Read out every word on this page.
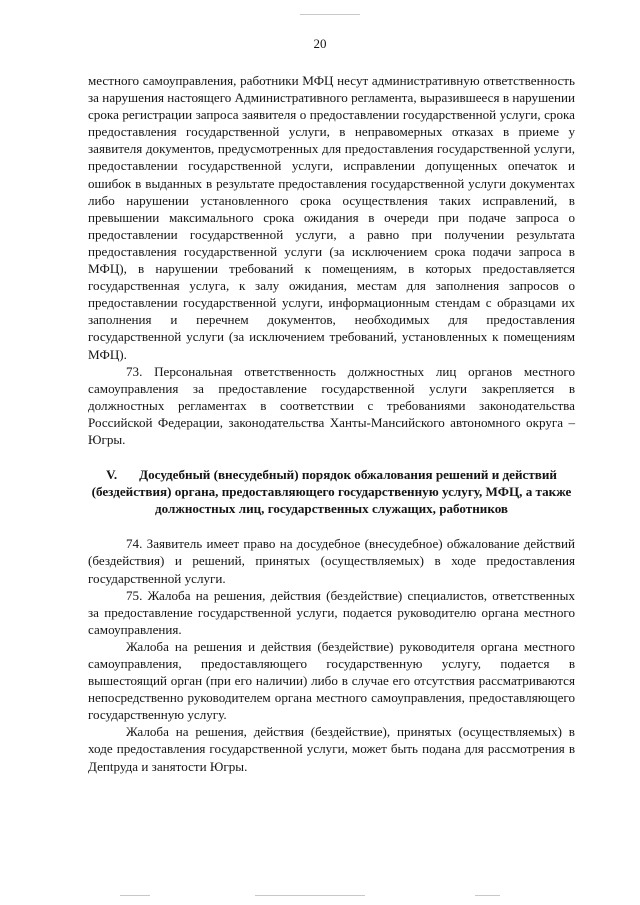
20

местного самоуправления, работники МФЦ несут административную ответственность за нарушения настоящего Административного регламента, выразившееся в нарушении срока регистрации запроса заявителя о предоставлении государственной услуги, срока предоставления государственной услуги, в неправомерных отказах в приеме у заявителя документов, предусмотренных для предоставления государственной услуги, предоставлении государственной услуги, исправлении допущенных опечаток и ошибок в выданных в результате предоставления государственной услуги документах либо нарушении установленного срока осуществления таких исправлений, в превышении максимального срока ожидания в очереди при подаче запроса о предоставлении государственной услуги, а равно при получении результата предоставления государственной услуги (за исключением срока подачи запроса в МФЦ), в нарушении требований к помещениям, в которых предоставляется государственная услуга, к залу ожидания, местам для заполнения запросов о предоставлении государственной услуги, информационным стендам с образцами их заполнения и перечнем документов, необходимых для предоставления государственной услуги (за исключением требований, установленных к помещениям МФЦ).

73. Персональная ответственность должностных лиц органов местного самоуправления за предоставление государственной услуги закрепляется в должностных регламентах в соответствии с требованиями законодательства Российской Федерации, законодательства Ханты-Мансийского автономного округа – Югры.

V. Досудебный (внесудебный) порядок обжалования решений и действий (бездействия) органа, предоставляющего государственную услугу, МФЦ, а также должностных лиц, государственных служащих, работников

74. Заявитель имеет право на досудебное (внесудебное) обжалование действий (бездействия) и решений, принятых (осуществляемых) в ходе предоставления государственной услуги.

75. Жалоба на решения, действия (бездействие) специалистов, ответственных за предоставление государственной услуги, подается руководителю органа местного самоуправления.

Жалоба на решения и действия (бездействие) руководителя органа местного самоуправления, предоставляющего государственную услугу, подается в вышестоящий орган (при его наличии) либо в случае его отсутствия рассматриваются непосредственно руководителем органа местного самоуправления, предоставляющего государственную услугу.

Жалоба на решения, действия (бездействие), принятых (осуществляемых) в ходе предоставления государственной услуги, может быть подана для рассмотрения в Депtруда и занятости Югры.
